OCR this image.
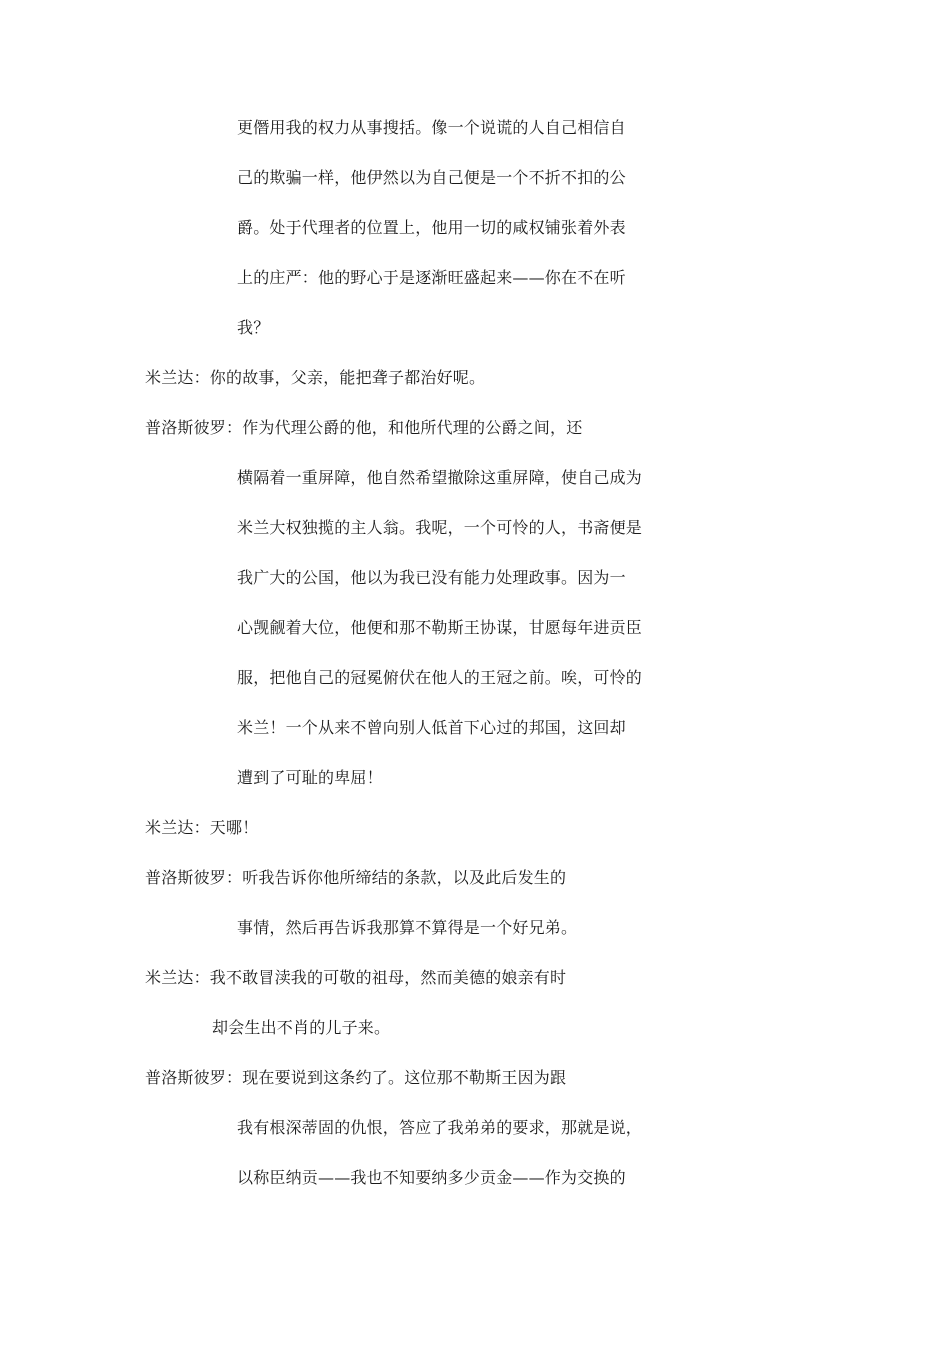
更僭用我的权力从事搜括。像一个说谎的人自己相信自
己的欺骗一样，他伊然以为自己便是一个不折不扣的公
爵。处于代理者的位置上，他用一切的咸权铺张着外表
上的庄严：他的野心于是逐渐旺盛起来——你在不在听
我？
米兰达：你的故事，父亲，能把聋子都治好呢。
普洛斯彼罗：作为代理公爵的他，和他所代理的公爵之间，还
横隔着一重屏障，他自然希望撤除这重屏障，使自己成为
米兰大权独揽的主人翁。我呢，一个可怜的人，书斋便是
我广大的公国，他以为我已没有能力处理政事。因为一
心觊觎着大位，他便和那不勒斯王协谋，甘愿每年进贡臣
服，把他自己的冠冕俯伏在他人的王冠之前。唉，可怜的
米兰！一个从来不曾向别人低首下心过的邦国，这回却
遭到了可耻的卑屈！
米兰达：天哪！
普洛斯彼罗：听我告诉你他所缔结的条款，以及此后发生的
事情，然后再告诉我那算不算得是一个好兄弟。
米兰达：我不敢冒渎我的可敬的祖母，然而美德的娘亲有时
却会生出不肖的儿子来。
普洛斯彼罗：现在要说到这条约了。这位那不勒斯王因为跟
我有根深蒂固的仇恨，答应了我弟弟的要求，那就是说，
以称臣纳贡——我也不知要纳多少贡金——作为交换的
